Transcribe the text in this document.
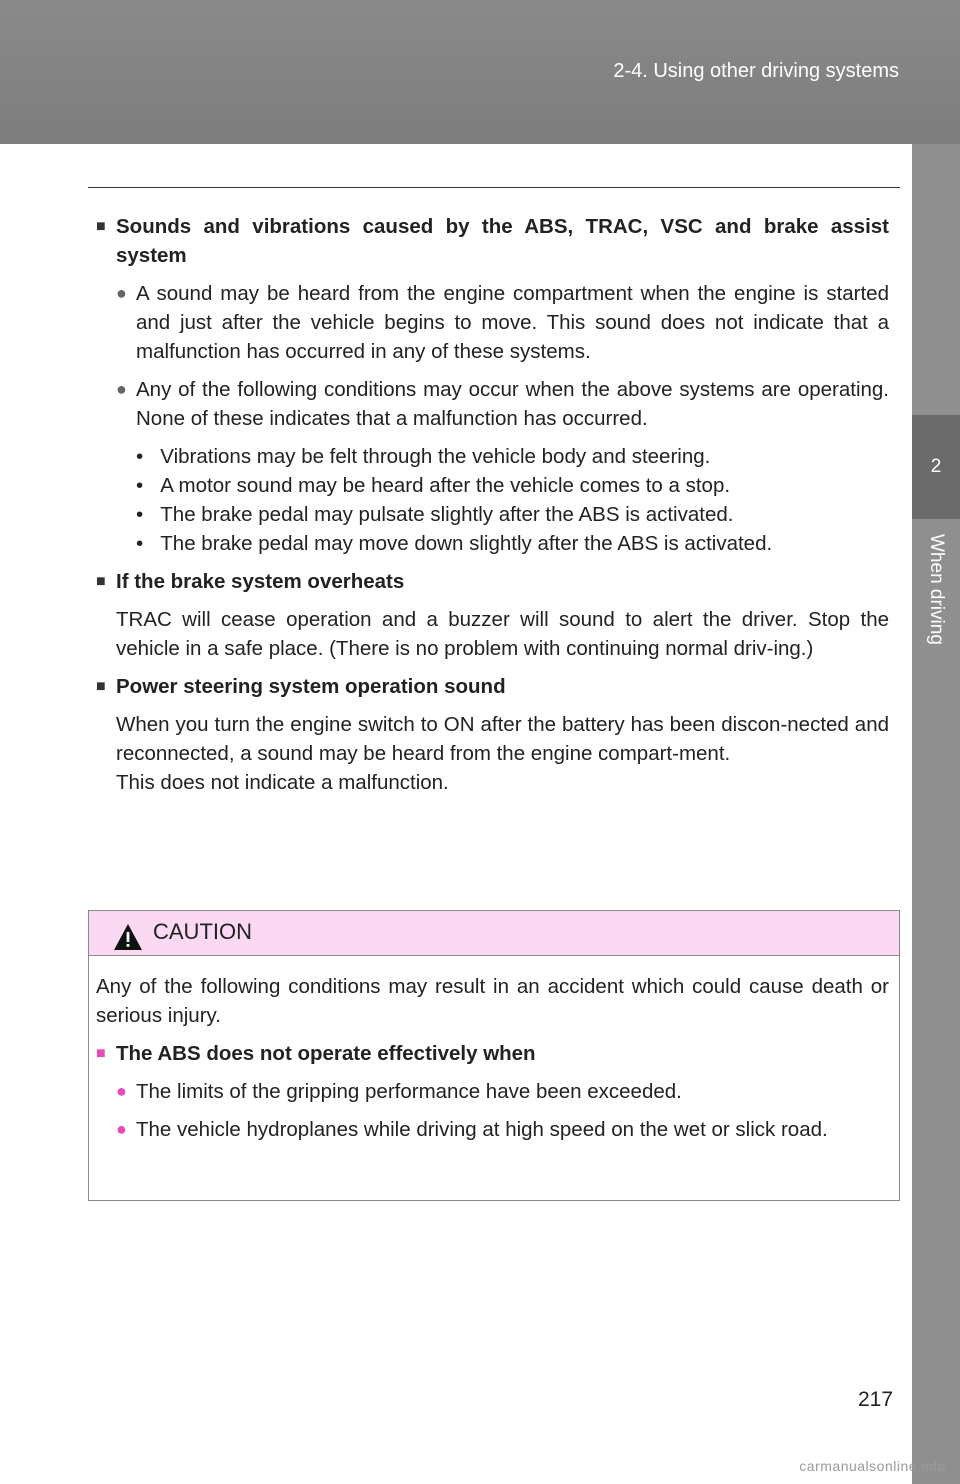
2-4. Using other driving systems
2
When driving
■ Sounds and vibrations caused by the ABS, TRAC, VSC and brake assist system
● A sound may be heard from the engine compartment when the engine is started and just after the vehicle begins to move. This sound does not indicate that a malfunction has occurred in any of these systems.
● Any of the following conditions may occur when the above systems are operating. None of these indicates that a malfunction has occurred.
• Vibrations may be felt through the vehicle body and steering.
• A motor sound may be heard after the vehicle comes to a stop.
• The brake pedal may pulsate slightly after the ABS is activated.
• The brake pedal may move down slightly after the ABS is activated.
■ If the brake system overheats
TRAC will cease operation and a buzzer will sound to alert the driver. Stop the vehicle in a safe place. (There is no problem with continuing normal driv-ing.)
■ Power steering system operation sound
When you turn the engine switch to ON after the battery has been discon-nected and reconnected, a sound may be heard from the engine compart-ment.
This does not indicate a malfunction.
CAUTION
Any of the following conditions may result in an accident which could cause death or serious injury.
■ The ABS does not operate effectively when
● The limits of the gripping performance have been exceeded.
● The vehicle hydroplanes while driving at high speed on the wet or slick road.
217
carmanualsonline.info
